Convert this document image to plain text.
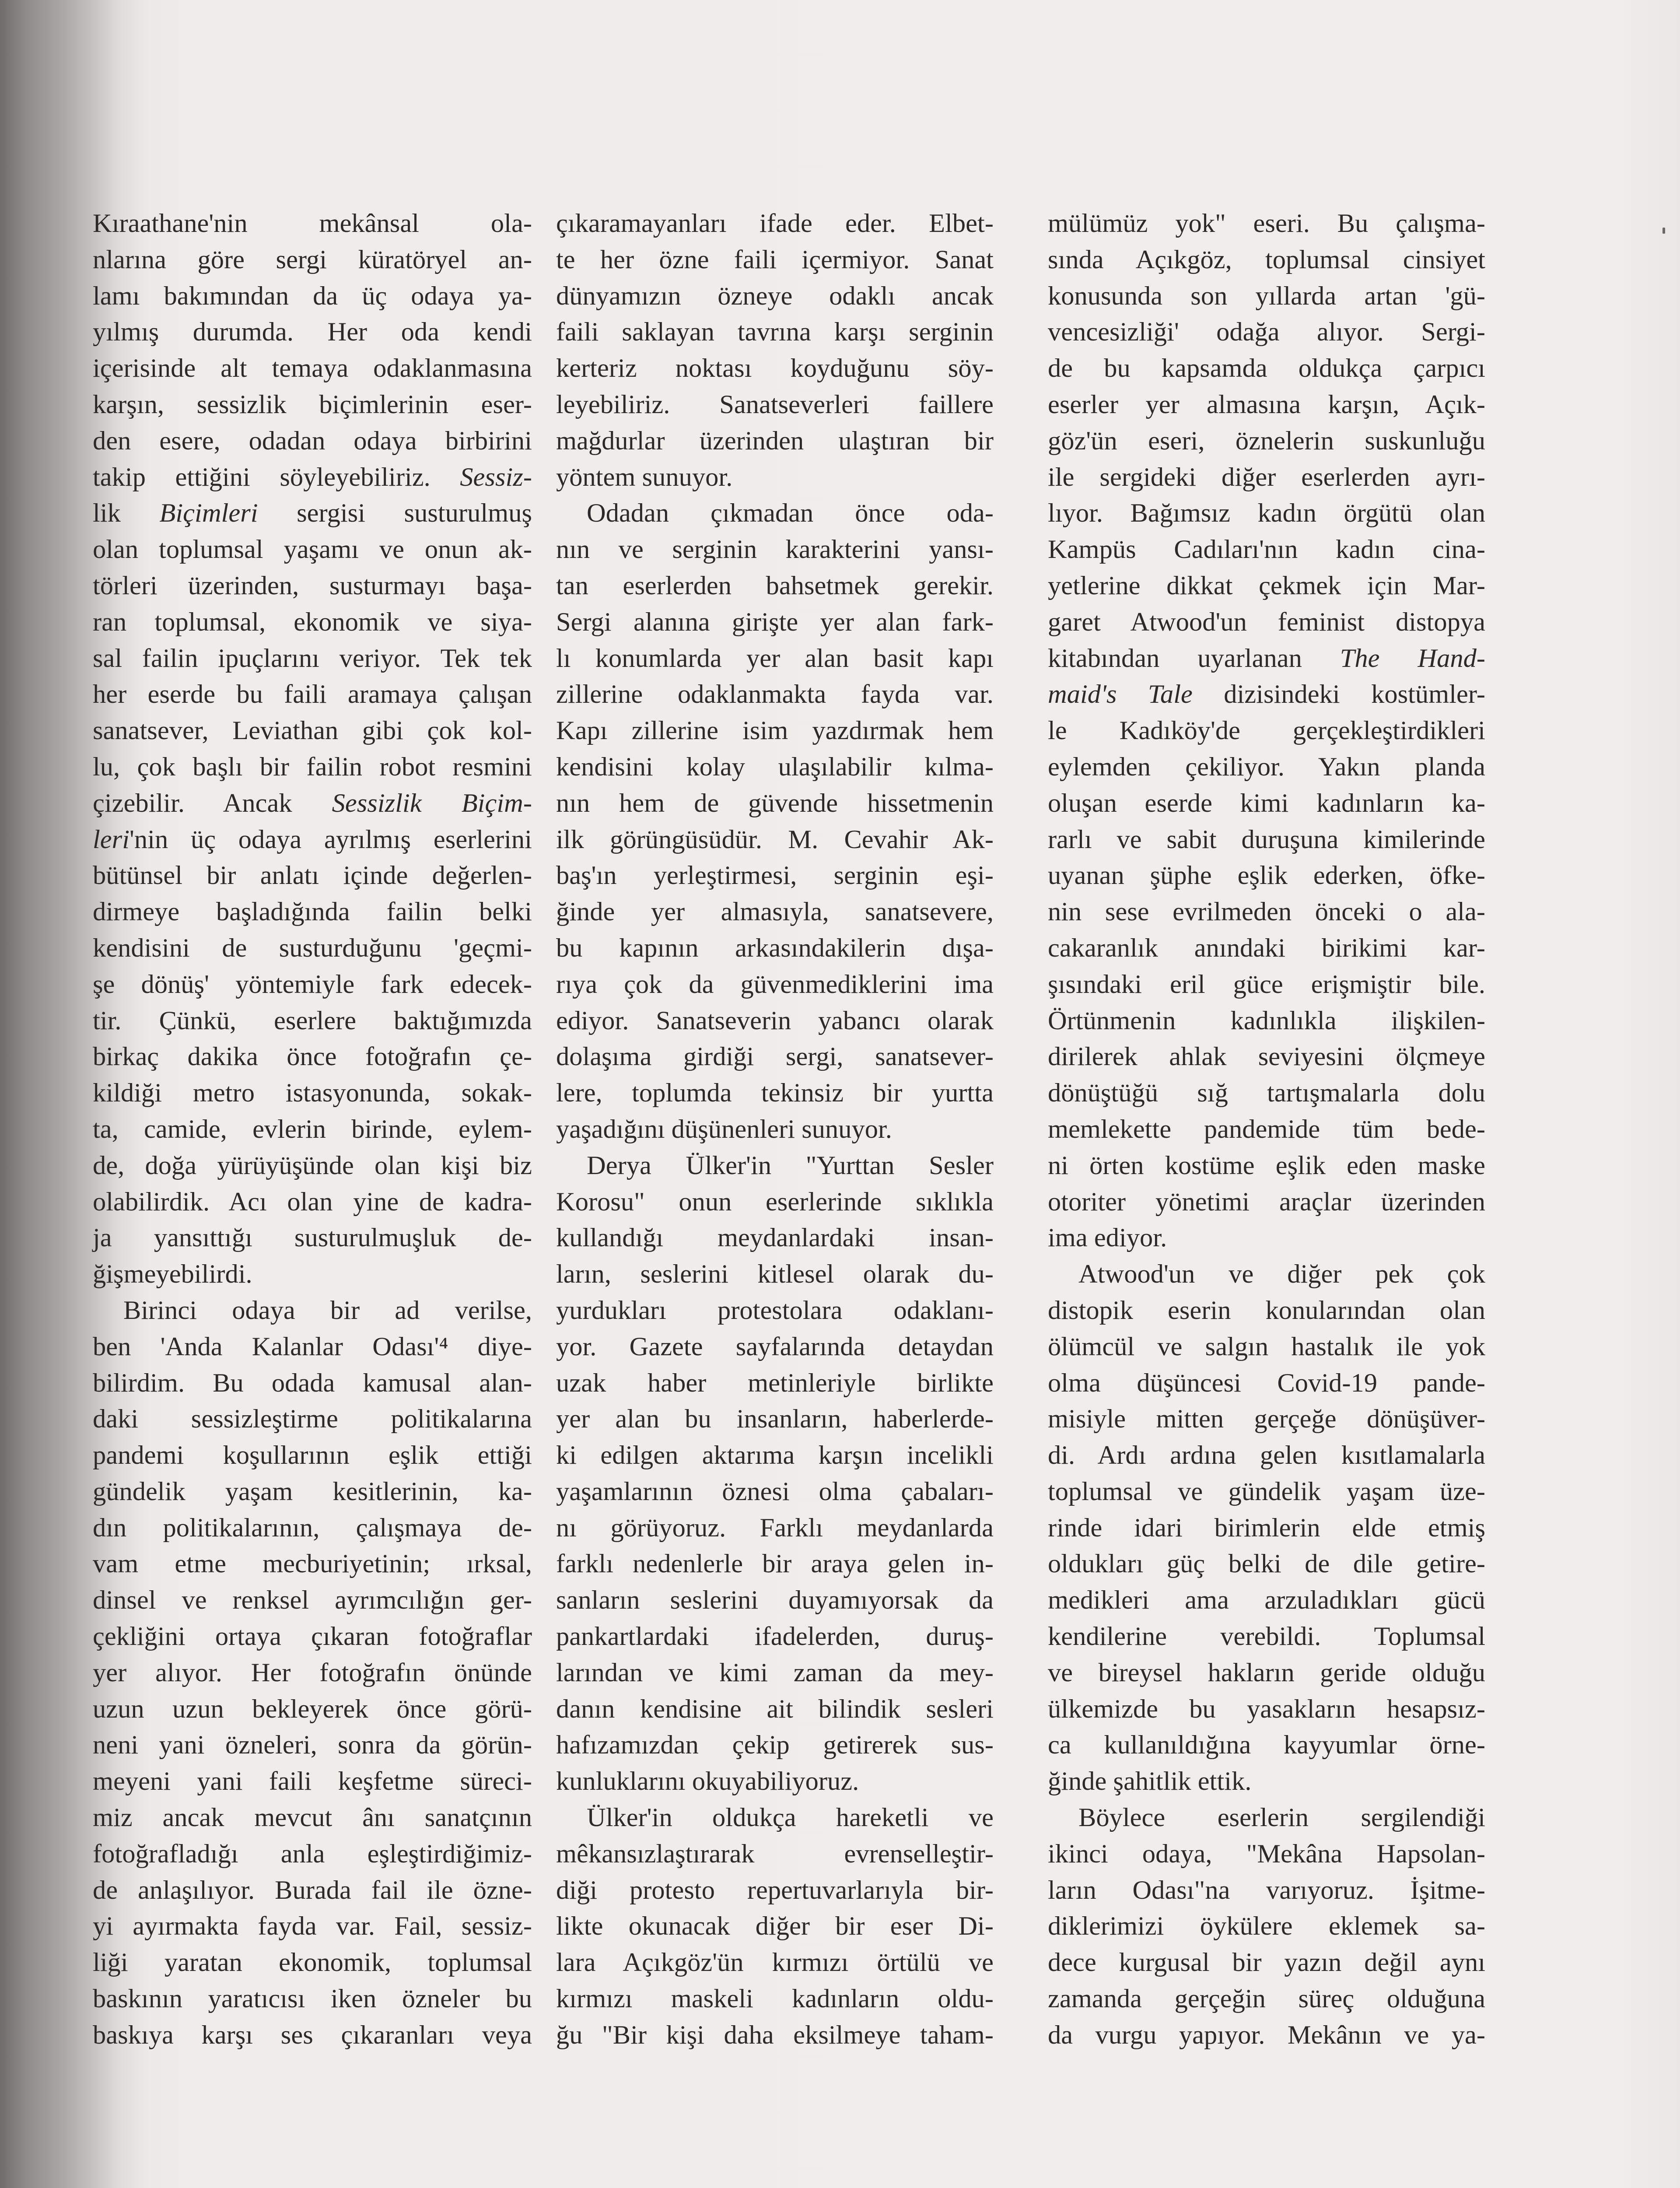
Kıraathane'nin mekânsal ola-
nlarına göre sergi küratöryel an-
lamı bakımından da üç odaya ya-
yılmış durumda. Her oda kendi
içerisinde alt temaya odaklanmasına
karşın, sessizlik biçimlerinin eser-
den esere, odadan odaya birbirini
takip ettiğini söyleyebiliriz. Sessiz-
lik Biçimleri sergisi susturulmuş
olan toplumsal yaşamı ve onun ak-
törleri üzerinden, susturmayı başa-
ran toplumsal, ekonomik ve siya-
sal failin ipuçlarını veriyor. Tek tek
her eserde bu faili aramaya çalışan
sanatsever, Leviathan gibi çok kol-
lu, çok başlı bir failin robot resmini
çizebilir. Ancak Sessizlik Biçim-
leri'nin üç odaya ayrılmış eserlerini
bütünsel bir anlatı içinde değerlen-
dirmeye başladığında failin belki
kendisini de susturduğunu 'geçmi-
şe dönüş' yöntemiyle fark edecek-
tir. Çünkü, eserlere baktığımızda
birkaç dakika önce fotoğrafın çe-
kildiği metro istasyonunda, sokak-
ta, camide, evlerin birinde, eylem-
de, doğa yürüyüşünde olan kişi biz
olabilirdik. Acı olan yine de kadra-
ja yansıttığı susturulmuşluk de-
ğişmeyebilirdi.
Birinci odaya bir ad verilse,
ben 'Anda Kalanlar Odası'⁴ diye-
bilirdim. Bu odada kamusal alan-
daki sessizleştirme politikalarına
pandemi koşullarının eşlik ettiği
gündelik yaşam kesitlerinin, ka-
dın politikalarının, çalışmaya de-
vam etme mecburiyetinin; ırksal,
dinsel ve renksel ayrımcılığın ger-
çekliğini ortaya çıkaran fotoğraflar
yer alıyor. Her fotoğrafın önünde
uzun uzun bekleyerek önce görü-
neni yani özneleri, sonra da görün-
meyeni yani faili keşfetme süreci-
miz ancak mevcut ânı sanatçının
fotoğrafladığı anla eşleştirdiğimiz-
de anlaşılıyor. Burada fail ile özne-
yi ayırmakta fayda var. Fail, sessiz-
liği yaratan ekonomik, toplumsal
baskının yaratıcısı iken özneler bu
baskıya karşı ses çıkaranları veya
çıkaramayanları ifade eder. Elbet-
te her özne faili içermiyor. Sanat
dünyamızın özneye odaklı ancak
faili saklayan tavrına karşı serginin
kerteriz noktası koyduğunu söy-
leyebiliriz. Sanatseverleri faillere
mağdurlar üzerinden ulaştıran bir
yöntem sunuyor.
Odadan çıkmadan önce oda-
nın ve serginin karakterini yansı-
tan eserlerden bahsetmek gerekir.
Sergi alanına girişte yer alan fark-
lı konumlarda yer alan basit kapı
zillerine odaklanmakta fayda var.
Kapı zillerine isim yazdırmak hem
kendisini kolay ulaşılabilir kılma-
nın hem de güvende hissetmenin
ilk görüngüsüdür. M. Cevahir Ak-
baş'ın yerleştirmesi, serginin eşi-
ğinde yer almasıyla, sanatsevere,
bu kapının arkasındakilerin dışa-
rıya çok da güvenmediklerini ima
ediyor. Sanatseverin yabancı olarak
dolaşıma girdiği sergi, sanatsever-
lere, toplumda tekinsiz bir yurtta
yaşadığını düşünenleri sunuyor.
Derya Ülker'in "Yurttan Sesler
Korosu" onun eserlerinde sıklıkla
kullandığı meydanlardaki insan-
ların, seslerini kitlesel olarak du-
yurdukları protestolara odaklanı-
yor. Gazete sayfalarında detaydan
uzak haber metinleriyle birlikte
yer alan bu insanların, haberlerde-
ki edilgen aktarıma karşın incelikli
yaşamlarının öznesi olma çabaları-
nı görüyoruz. Farklı meydanlarda
farklı nedenlerle bir araya gelen in-
sanların seslerini duyamıyorsak da
pankartlardaki ifadelerden, duruş-
larından ve kimi zaman da mey-
danın kendisine ait bilindik sesleri
hafızamızdan çekip getirerek sus-
kunluklarını okuyabiliyoruz.
Ülker'in oldukça hareketli ve
mêkansızlaştırarak evrenselleştir-
diği protesto repertuvarlarıyla bir-
likte okunacak diğer bir eser Di-
lara Açıkgöz'ün kırmızı örtülü ve
kırmızı maskeli kadınların oldu-
ğu "Bir kişi daha eksilmeye taham-
mülümüz yok" eseri. Bu çalışma-
sında Açıkgöz, toplumsal cinsiyet
konusunda son yıllarda artan 'gü-
vencesizliği' odağa alıyor. Sergi-
de bu kapsamda oldukça çarpıcı
eserler yer almasına karşın, Açık-
göz'ün eseri, öznelerin suskunluğu
ile sergideki diğer eserlerden ayrı-
lıyor. Bağımsız kadın örgütü olan
Kampüs Cadıları'nın kadın cina-
yetlerine dikkat çekmek için Mar-
garet Atwood'un feminist distopya
kitabından uyarlanan The Hand-
maid's Tale dizisindeki kostümler-
le Kadıköy'de gerçekleştirdikleri
eylemden çekiliyor. Yakın planda
oluşan eserde kimi kadınların ka-
rarlı ve sabit duruşuna kimilerinde
uyanan şüphe eşlik ederken, öfke-
nin sese evrilmeden önceki o ala-
cakaranlık anındaki birikimi kar-
şısındaki eril güce erişmiştir bile.
Örtünmenin kadınlıkla ilişkilen-
dirilerek ahlak seviyesini ölçmeye
dönüştüğü sığ tartışmalarla dolu
memlekette pandemide tüm bede-
ni örten kostüme eşlik eden maske
otoriter yönetimi araçlar üzerinden
ima ediyor.
Atwood'un ve diğer pek çok
distopik eserin konularından olan
ölümcül ve salgın hastalık ile yok
olma düşüncesi Covid-19 pande-
misiyle mitten gerçeğe dönüşüver-
di. Ardı ardına gelen kısıtlamalarla
toplumsal ve gündelik yaşam üze-
rinde idari birimlerin elde etmiş
oldukları güç belki de dile getire-
medikleri ama arzuladıkları gücü
kendilerine verebildi. Toplumsal
ve bireysel hakların geride olduğu
ülkemizde bu yasakların hesapsız-
ca kullanıldığına kayyumlar örne-
ğinde şahitlik ettik.
Böylece eserlerin sergilendiği
ikinci odaya, "Mekâna Hapsolan-
ların Odası"na varıyoruz. İşitme-
diklerimizi öykülere eklemek sa-
dece kurgusal bir yazın değil aynı
zamanda gerçeğin süreç olduğuna
da vurgu yapıyor. Mekânın ve ya-
